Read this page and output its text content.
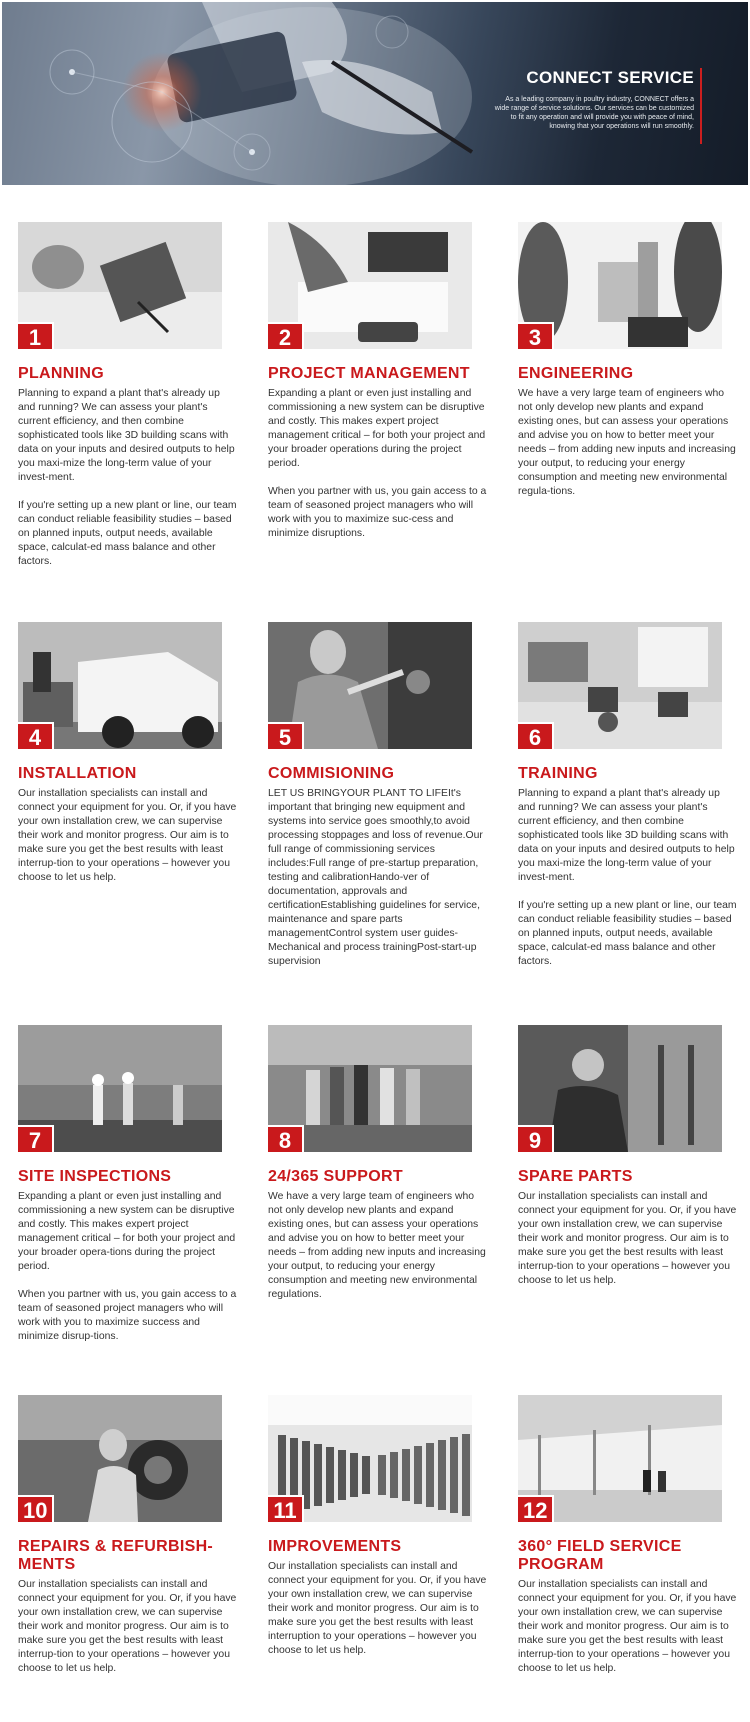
CONNECT SERVICE
As a leading company in poultry industry, CONNECT offers a wide range of service solutions. Our services can be customized to fit any operation and will provide you with peace of mind, knowing that your operations will run smoothly.
1
PLANNING
Planning to expand a plant that's already up and running? We can assess your plant's current efficiency, and then combine sophisticated tools like 3D building scans with data on your inputs and desired outputs to help you maxi-mize the long-term value of your invest-ment.

If you're setting up a new plant or line, our team can conduct reliable feasibility studies – based on planned inputs, output needs, available space, calculat-ed mass balance and other factors.
2
PROJECT MANAGEMENT
Expanding a plant or even just installing and commissioning a new system can be disruptive and costly. This makes expert project management critical – for both your project and your broader operations during the project period.

When you partner with us, you gain access to a team of seasoned project managers who will work with you to maximize suc-cess and minimize disruptions.
3
ENGINEERING
We have a very large team of engineers who not only develop new plants and expand existing ones, but can assess your operations and advise you on how to better meet your needs – from adding new inputs and increasing your output, to reducing your energy consumption and meeting new environmental regula-tions.
4
INSTALLATION
Our installation specialists can install and connect your equipment for you. Or, if you have your own installation crew, we can supervise their work and monitor progress. Our aim is to make sure you get the best results with least interrup-tion to your operations – however you choose to let us help.
5
COMMISIONING
LET US BRINGYOUR PLANT TO LIFEIt's important that bringing new equipment and systems into service goes smoothly,to avoid processing stoppages and loss of revenue.Our full range of commissioning services includes:Full range of pre-startup preparation, testing and calibrationHando-ver of documentation, approvals and certificationEstablishing guidelines for service, maintenance and spare parts managementControl system user guides-Mechanical and process trainingPost-start-up supervision
6
TRAINING
Planning to expand a plant that's already up and running? We can assess your plant's current efficiency, and then combine sophisticated tools like 3D building scans with data on your inputs and desired outputs to help you maxi-mize the long-term value of your invest-ment.

If you're setting up a new plant or line, our team can conduct reliable feasibility studies – based on planned inputs, output needs, available space, calculat-ed mass balance and other factors.
7
SITE INSPECTIONS
Expanding a plant or even just installing and commissioning a new system can be disruptive and costly. This makes expert project management critical – for both your project and your broader opera-tions during the project period.

When you partner with us, you gain access to a team of seasoned project managers who will work with you to maximize success and minimize disrup-tions.
8
24/365 SUPPORT
We have a very large team of engineers who not only develop new plants and expand existing ones, but can assess your operations and advise you on how to better meet your needs – from adding new inputs and increasing your output, to reducing your energy consumption and meeting new environmental regulations.
9
SPARE PARTS
Our installation specialists can install and connect your equipment for you. Or, if you have your own installation crew, we can supervise their work and monitor progress. Our aim is to make sure you get the best results with least interrup-tion to your operations – however you choose to let us help.
10
REPAIRS & REFURBISH-MENTS
Our installation specialists can install and connect your equipment for you. Or, if you have your own installation crew, we can supervise their work and monitor progress. Our aim is to make sure you get the best results with least interrup-tion to your operations – however you choose to let us help.
11
IMPROVEMENTS
Our installation specialists can install and connect your equipment for you. Or, if you have your own installation crew, we can supervise their work and monitor progress. Our aim is to make sure you get the best results with least interruption to your operations – however you choose to let us help.
12
360° FIELD SERVICE PROGRAM
Our installation specialists can install and connect your equipment for you. Or, if you have your own installation crew, we can supervise their work and monitor progress. Our aim is to make sure you get the best results with least interrup-tion to your operations – however you choose to let us help.
